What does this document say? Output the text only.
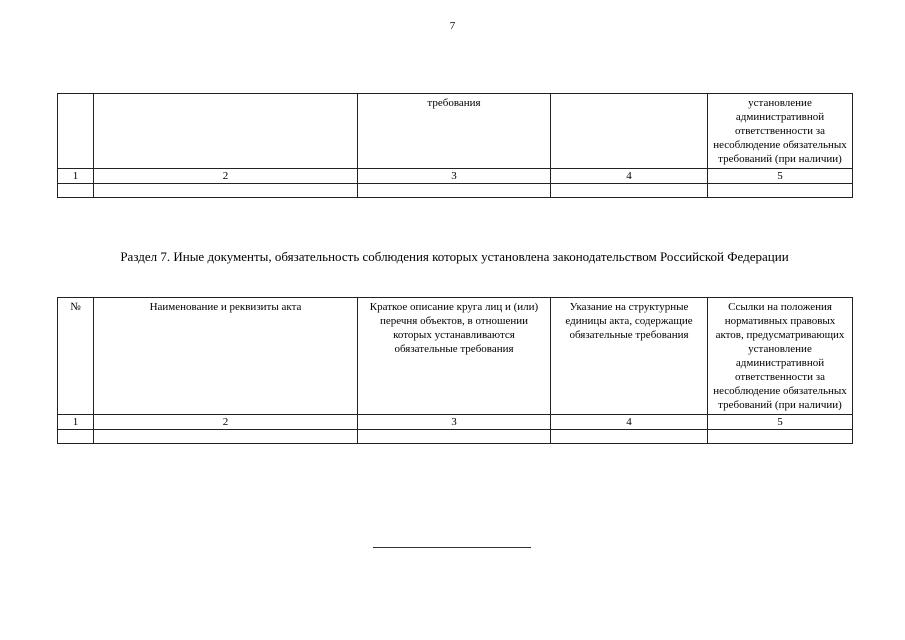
7
		требования		установление административной ответственности за несоблюдение обязательных требований (при наличии)
1	2	3	4	5

Раздел 7. Иные документы, обязательность соблюдения которых установлена законодательством Российской Федерации
№	Наименование и реквизиты акта	Краткое описание круга лиц и (или) перечня объектов, в отношении которых устанавливаются обязательные требования	Указание на структурные единицы акта, содержащие обязательные требования	Ссылки на положения нормативных правовых актов, предусматривающих установление административной ответственности за несоблюдение обязательных требований (при наличии)
1	2	3	4	5
